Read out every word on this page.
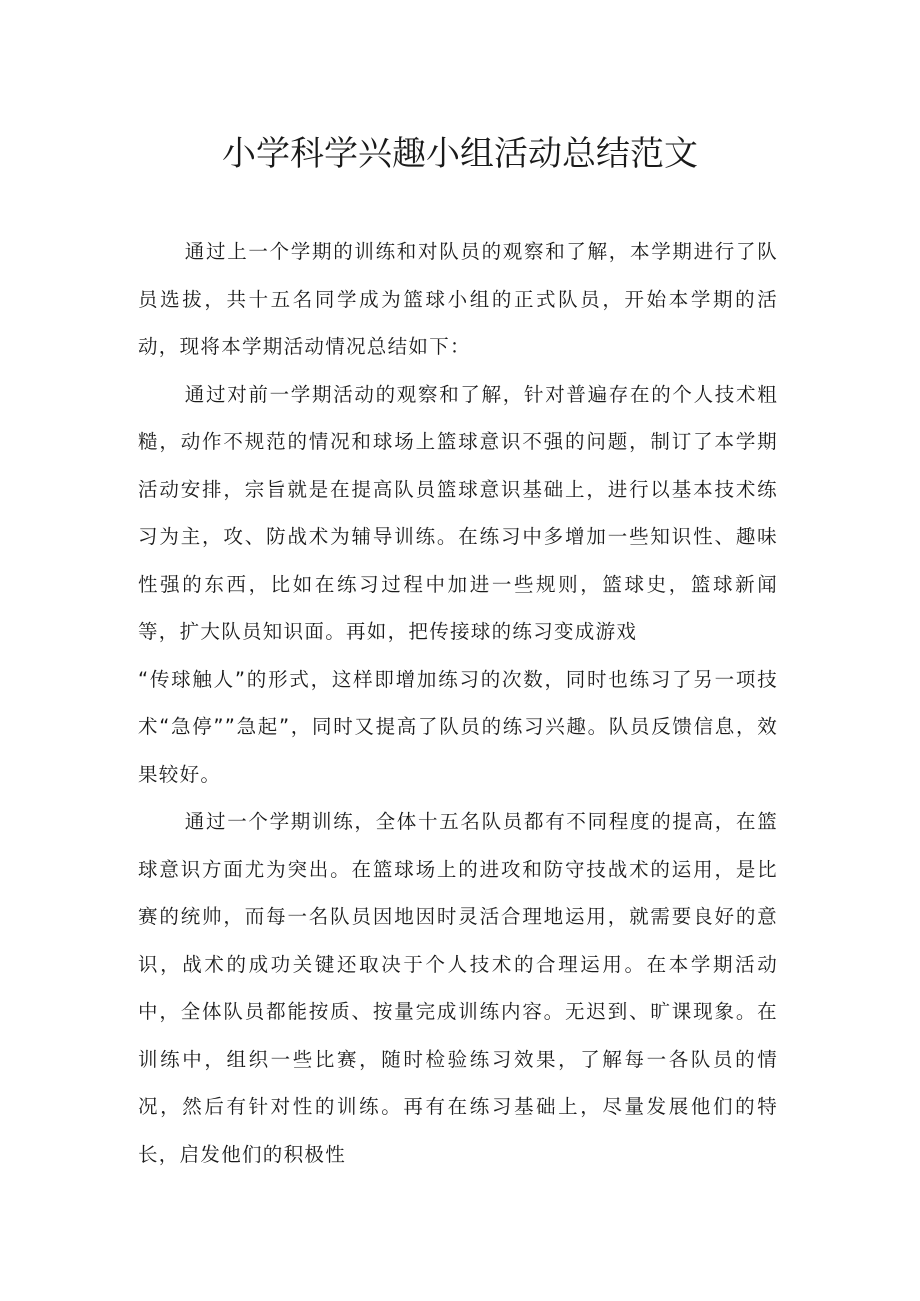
小学科学兴趣小组活动总结范文

通过上一个学期的训练和对队员的观察和了解，本学期进行了队员选拔，共十五名同学成为篮球小组的正式队员，开始本学期的活动，现将本学期活动情况总结如下：

通过对前一学期活动的观察和了解，针对普遍存在的个人技术粗糙，动作不规范的情况和球场上篮球意识不强的问题，制订了本学期活动安排，宗旨就是在提高队员篮球意识基础上，进行以基本技术练习为主，攻、防战术为辅导训练。在练习中多增加一些知识性、趣味性强的东西，比如在练习过程中加进一些规则，篮球史，篮球新闻等，扩大队员知识面。再如，把传接球的练习变成游戏

“传球触人”的形式，这样即增加练习的次数，同时也练习了另一项技术“急停””急起”，同时又提高了队员的练习兴趣。队员反馈信息，效果较好。

通过一个学期训练，全体十五名队员都有不同程度的提高，在篮球意识方面尤为突出。在篮球场上的进攻和防守技战术的运用，是比赛的统帅，而每一名队员因地因时灵活合理地运用，就需要良好的意识，战术的成功关键还取决于个人技术的合理运用。在本学期活动中，全体队员都能按质、按量完成训练内容。无迟到、旷课现象。在训练中，组织一些比赛，随时检验练习效果，了解每一各队员的情况，然后有针对性的训练。再有在练习基础上，尽量发展他们的特长，启发他们的积极性
